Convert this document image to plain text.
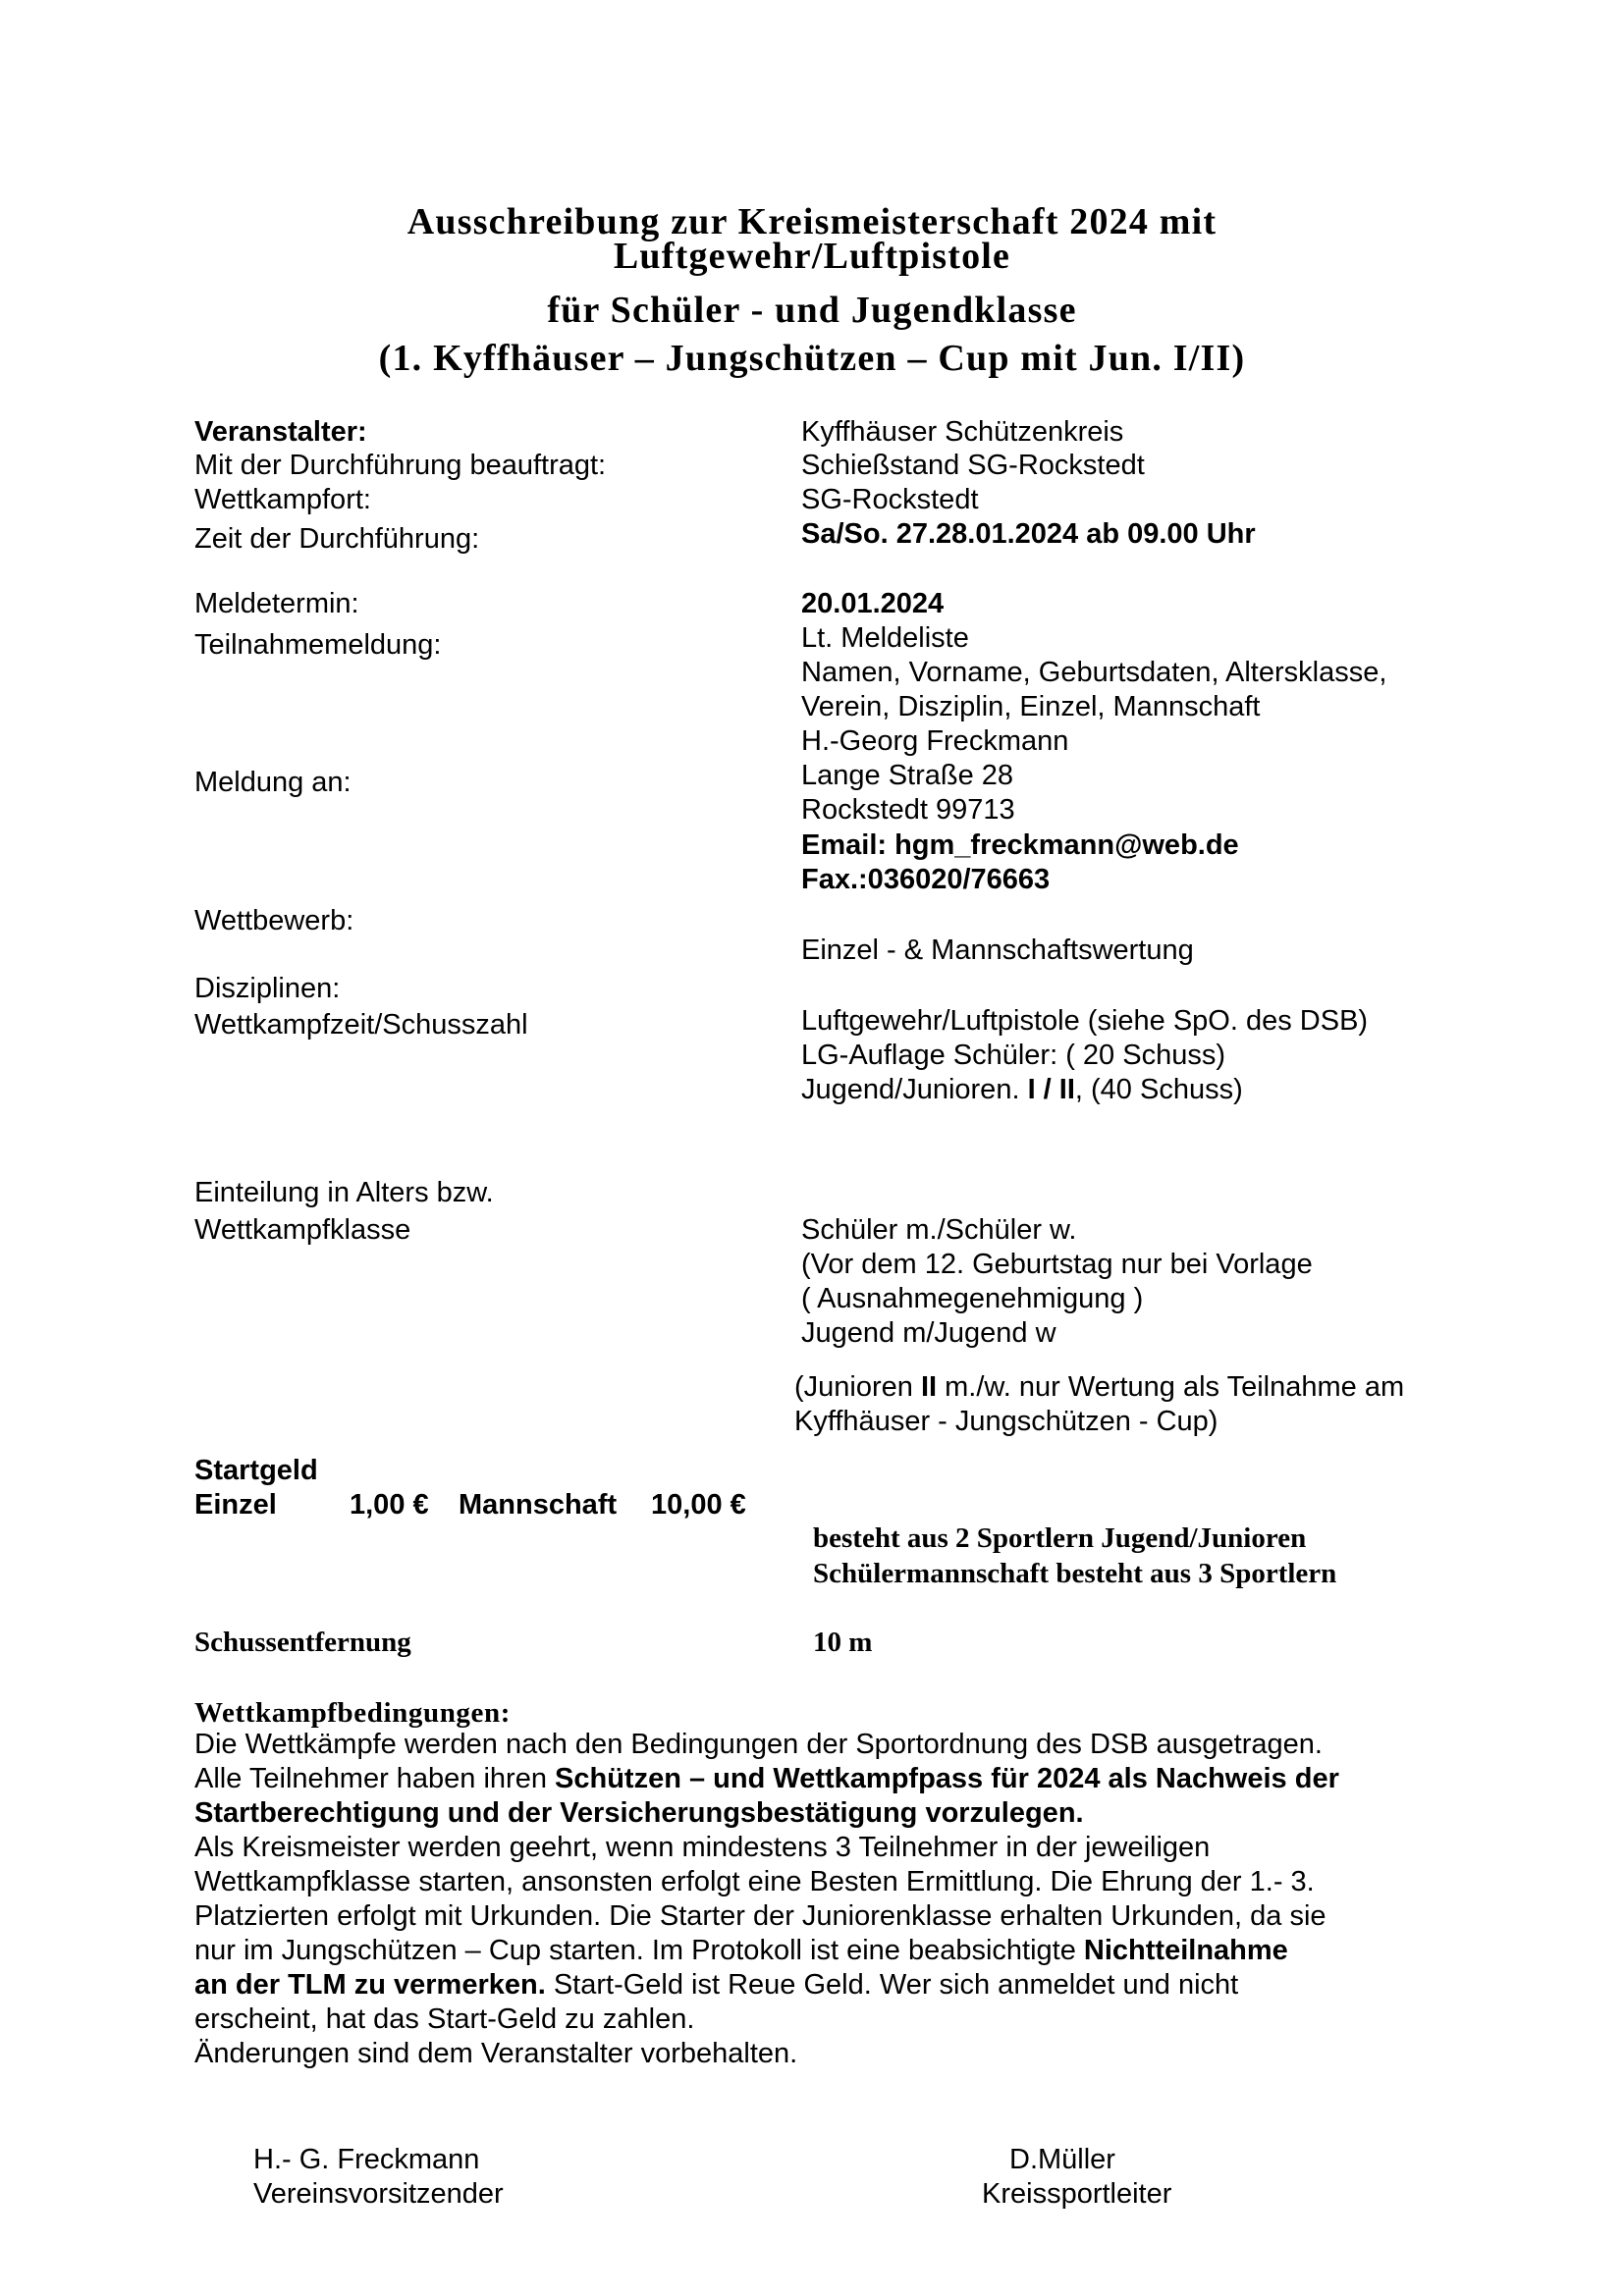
Ausschreibung zur Kreismeisterschaft 2024 mit
Luftgewehr/Luftpistole
für Schüler - und Jugendklasse
(1. Kyffhäuser – Jungschützen – Cup mit Jun. I/II)
Veranstalter:
Mit der Durchführung beauftragt:
Wettkampfort:
Zeit der Durchführung:
Meldetermin:
Teilnahmemeldung:
Meldung an:
Wettbewerb:
Disziplinen:
Wettkampfzeit/Schusszahl
Einteilung in Alters bzw.
Wettkampfklasse
Kyffhäuser Schützenkreis
Schießstand SG-Rockstedt
SG-Rockstedt
Sa/So. 27.28.01.2024 ab 09.00 Uhr
20.01.2024
Lt. Meldeliste
Namen, Vorname, Geburtsdaten, Altersklasse,
Verein, Disziplin, Einzel, Mannschaft
H.-Georg Freckmann
Lange Straße 28
Rockstedt 99713
Email: hgm_freckmann@web.de
Fax.:036020/76663
Einzel - & Mannschaftswertung
Luftgewehr/Luftpistole (siehe SpO. des DSB)
LG-Auflage Schüler: ( 20 Schuss)
Jugend/Junioren. I / II, (40 Schuss)
Schüler m./Schüler w.
(Vor dem 12. Geburtstag nur bei Vorlage
( Ausnahmegenehmigung )
Jugend m/Jugend w
(Junioren II m./w. nur Wertung als Teilnahme am
Kyffhäuser - Jungschützen - Cup)
Startgeld
Einzel	1,00 € Mannschaft 10,00 €
besteht aus 2 Sportlern Jugend/Junioren
Schülermannschaft besteht aus 3 Sportlern
Schussentfernung	10 m
Wettkampfbedingungen:
Die Wettkämpfe werden nach den Bedingungen der Sportordnung des DSB ausgetragen.
Alle Teilnehmer haben ihren Schützen – und Wettkampfpass für 2024 als Nachweis der
Startberechtigung und der Versicherungsbestätigung vorzulegen.
Als Kreismeister werden geehrt, wenn mindestens 3 Teilnehmer in der jeweiligen
Wettkampfklasse starten, ansonsten erfolgt eine Besten Ermittlung. Die Ehrung der 1.- 3.
Platzierten erfolgt mit Urkunden. Die Starter der Juniorenklasse erhalten Urkunden, da sie
nur im Jungschützen – Cup starten. Im Protokoll ist eine beabsichtigte Nichtteilnahme
an der TLM zu vermerken. Start-Geld ist Reue Geld. Wer sich anmeldet und nicht
erscheint, hat das Start-Geld zu zahlen.
Änderungen sind dem Veranstalter vorbehalten.
H.- G. Freckmann
Vereinsvorsitzender
D.Müller
Kreissportleiter
